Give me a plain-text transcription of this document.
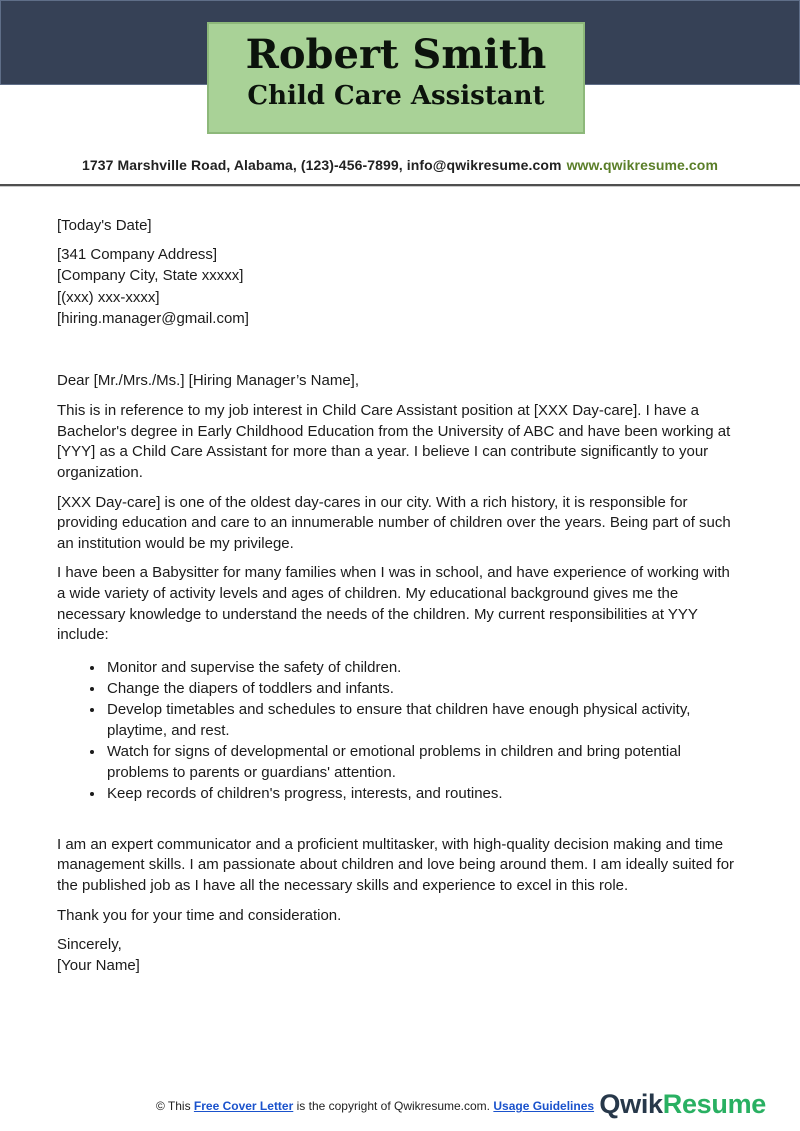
Robert Smith
Child Care Assistant
1737 Marshville Road, Alabama, (123)-456-7899, info@qwikresume.com www.qwikresume.com

[Today's Date]

[341 Company Address]
[Company City, State xxxxx]
[(xxx) xxx-xxxx]
[hiring.manager@gmail.com]

Dear [Mr./Mrs./Ms.] [Hiring Manager’s Name],

This is in reference to my job interest in Child Care Assistant position at [XXX Day-care]. I have a Bachelor's degree in Early Childhood Education from the University of ABC and have been working at [YYY] as a Child Care Assistant for more than a year. I believe I can contribute significantly to your organization.

[XXX Day-care] is one of the oldest day-cares in our city. With a rich history, it is responsible for providing education and care to an innumerable number of children over the years. Being part of such an institution would be my privilege.

I have been a Babysitter for many families when I was in school, and have experience of working with a wide variety of activity levels and ages of children. My educational background gives me the necessary knowledge to understand the needs of the children. My current responsibilities at YYY include:

• Monitor and supervise the safety of children.
• Change the diapers of toddlers and infants.
• Develop timetables and schedules to ensure that children have enough physical activity, playtime, and rest.
• Watch for signs of developmental or emotional problems in children and bring potential problems to parents or guardians' attention.
• Keep records of children's progress, interests, and routines.

I am an expert communicator and a proficient multitasker, with high-quality decision making and time management skills. I am passionate about children and love being around them. I am ideally suited for the published job as I have all the necessary skills and experience to excel in this role.

Thank you for your time and consideration.

Sincerely,
[Your Name]
© This Free Cover Letter is the copyright of Qwikresume.com. Usage Guidelines QwikResume
